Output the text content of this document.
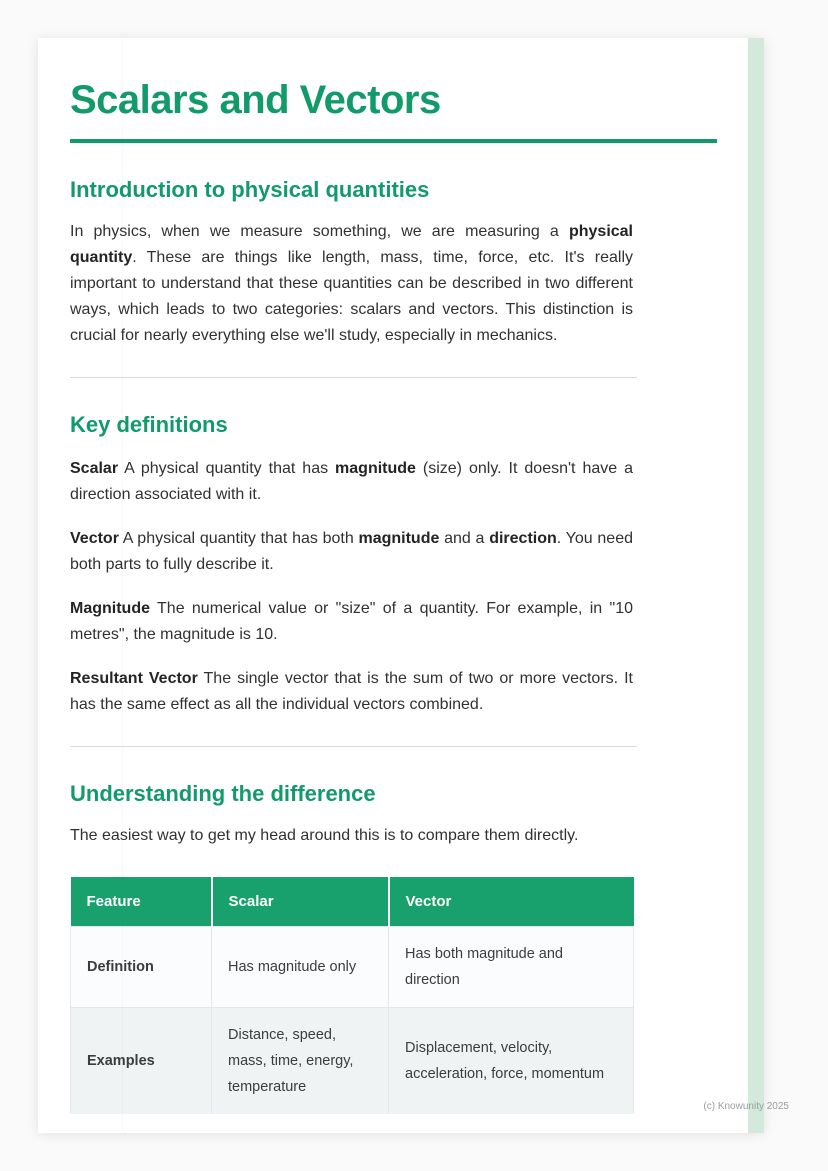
Scalars and Vectors
Introduction to physical quantities

In physics, when we measure something, we are measuring a physical quantity. These are things like length, mass, time, force, etc. It's really important to understand that these quantities can be described in two different ways, which leads to two categories: scalars and vectors. This distinction is crucial for nearly everything else we'll study, especially in mechanics.

Key definitions

Scalar A physical quantity that has magnitude (size) only. It doesn't have a direction associated with it.

Vector A physical quantity that has both magnitude and a direction. You need both parts to fully describe it.

Magnitude The numerical value or "size" of a quantity. For example, in "10 metres", the magnitude is 10.

Resultant Vector The single vector that is the sum of two or more vectors. It has the same effect as all the individual vectors combined.

Understanding the difference

The easiest way to get my head around this is to compare them directly.

Feature	Scalar	Vector
Definition	Has magnitude only	Has both magnitude and direction
Examples	Distance, speed, mass, time, energy, temperature	Displacement, velocity, acceleration, force, momentum
(c) Knowunity 2025
